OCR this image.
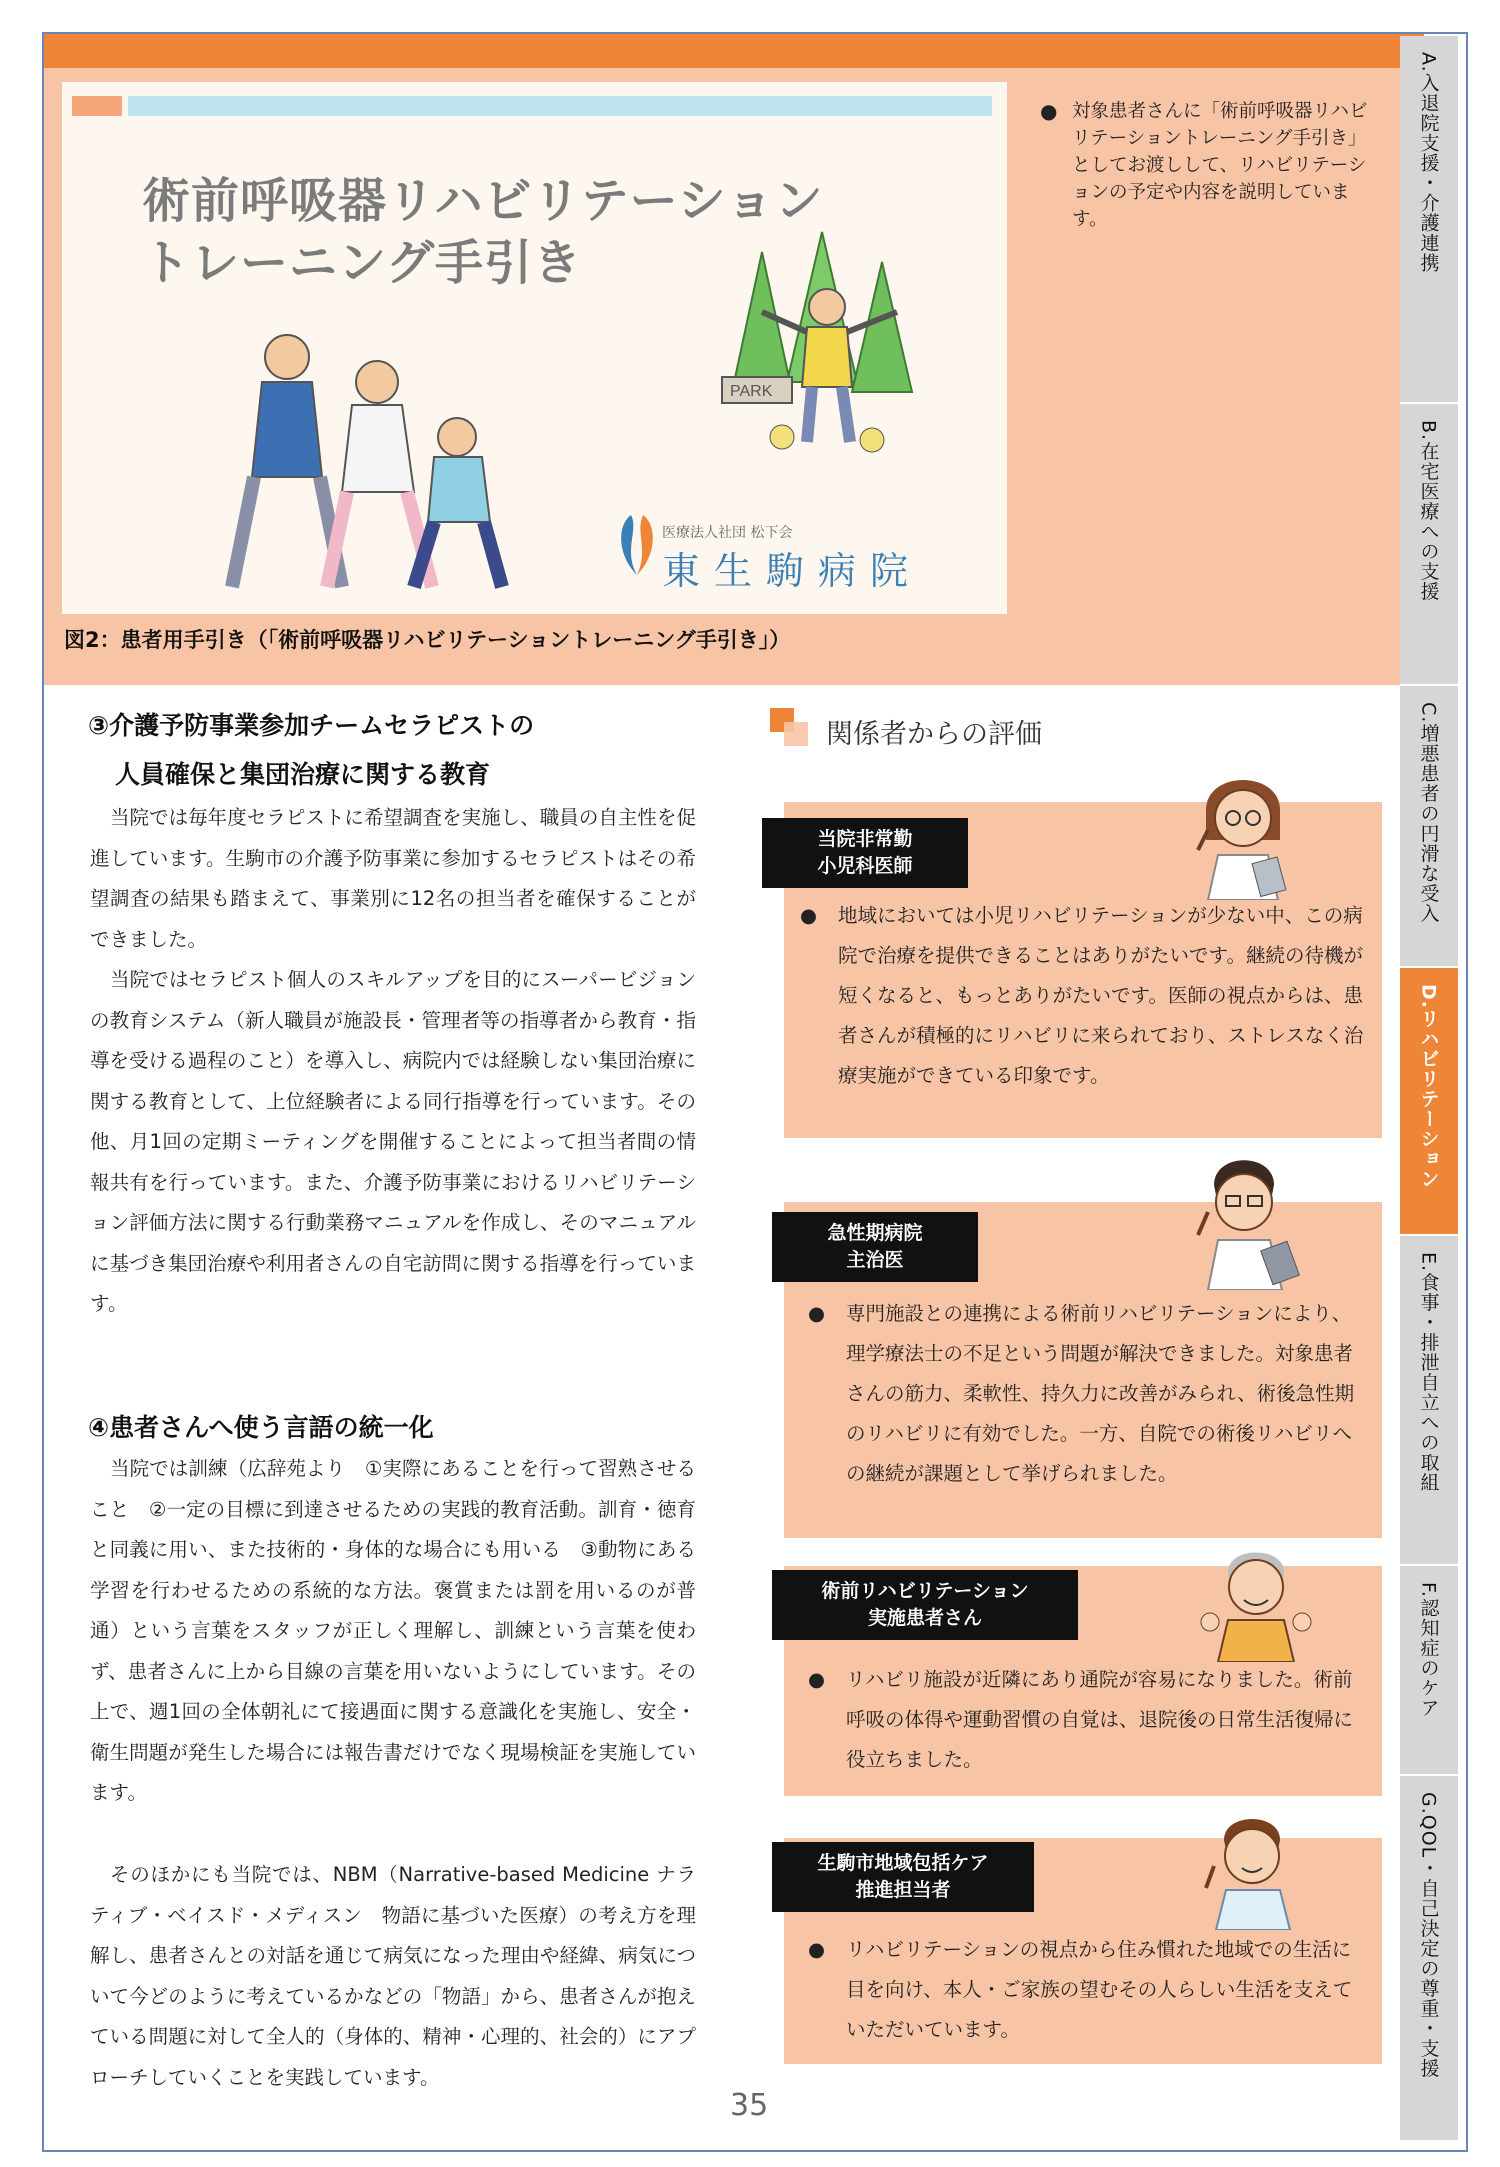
術前呼吸器リハビリテーション
トレーニング手引き
PARK
医療法人社団 松下会
東生駒病院
図2：患者用手引き（「術前呼吸器リハビリテーショントレーニング手引き」）
● 対象患者さんに「術前呼吸器リハビリテーショントレーニング手引き」としてお渡しして、リハビリテーションの予定や内容を説明しています。	A.入退院支援・介護連携
B.在宅医療への支援
C.増悪患者の円滑な受入
D.リハビリテーション
E.食事・排泄自立への取組
F.認知症のケア
G.QOL・自己決定の尊重・支援
③介護予防事業参加チームセラピストの
人員確保と集団治療に関する教育
当院では毎年度セラピストに希望調査を実施し、職員の自主性を促進しています。生駒市の介護予防事業に参加するセラピストはその希望調査の結果も踏まえて、事業別に12名の担当者を確保することができました。
当院ではセラピスト個人のスキルアップを目的にスーパービジョンの教育システム（新人職員が施設長・管理者等の指導者から教育・指導を受ける過程のこと）を導入し、病院内では経験しない集団治療に関する教育として、上位経験者による同行指導を行っています。その他、月1回の定期ミーティングを開催することによって担当者間の情報共有を行っています。また、介護予防事業におけるリハビリテーション評価方法に関する行動業務マニュアルを作成し、そのマニュアルに基づき集団治療や利用者さんの自宅訪問に関する指導を行っています。
④患者さんへ使う言語の統一化
当院では訓練（広辞苑より　①実際にあることを行って習熟させること　②一定の目標に到達させるための実践的教育活動。訓育・徳育と同義に用い、また技術的・身体的な場合にも用いる　③動物にある学習を行わせるための系統的な方法。褒賞または罰を用いるのが普通）という言葉をスタッフが正しく理解し、訓練という言葉を使わず、患者さんに上から目線の言葉を用いないようにしています。その上で、週1回の全体朝礼にて接遇面に関する意識化を実施し、安全・衛生問題が発生した場合には報告書だけでなく現場検証を実施しています。
そのほかにも当院では、NBM（Narrative-based Medicine ナラティブ・ベイスド・メディスン　物語に基づいた医療）の考え方を理解し、患者さんとの対話を通じて病気になった理由や経緯、病気について今どのように考えているかなどの「物語」から、患者さんが抱えている問題に対して全人的（身体的、精神・心理的、社会的）にアプローチしていくことを実践しています。
関係者からの評価
当院非常勤
小児科医師
● 地域においては小児リハビリテーションが少ない中、この病院で治療を提供できることはありがたいです。継続の待機が短くなると、もっとありがたいです。医師の視点からは、患者さんが積極的にリハビリに来られており、ストレスなく治療実施ができている印象です。
急性期病院
主治医
● 専門施設との連携による術前リハビリテーションにより、理学療法士の不足という問題が解決できました。対象患者さんの筋力、柔軟性、持久力に改善がみられ、術後急性期のリハビリに有効でした。一方、自院での術後リハビリへの継続が課題として挙げられました。
術前リハビリテーション
実施患者さん
● リハビリ施設が近隣にあり通院が容易になりました。術前呼吸の体得や運動習慣の自覚は、退院後の日常生活復帰に役立ちました。
生駒市地域包括ケア
推進担当者
● リハビリテーションの視点から住み慣れた地域での生活に目を向け、本人・ご家族の望むその人らしい生活を支えていただいています。
35
